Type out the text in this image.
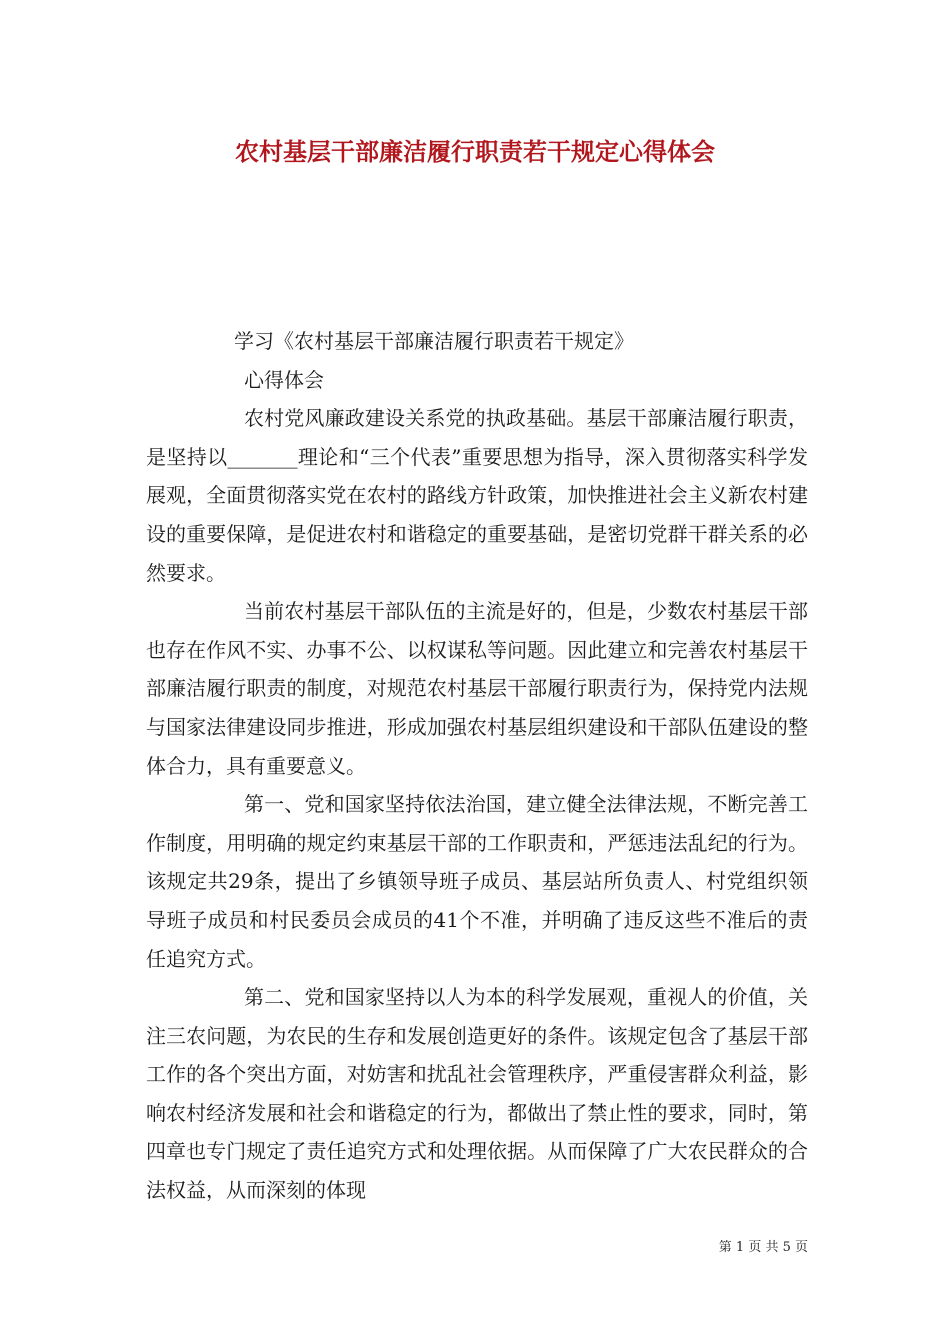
农村基层干部廉洁履行职责若干规定心得体会

学习《农村基层干部廉洁履行职责若干规定》

心得体会

农村党风廉政建设关系党的执政基础。基层干部廉洁履行职责，是坚持以_______理论和“三个代表”重要思想为指导，深入贯彻落实科学发展观，全面贯彻落实党在农村的路线方针政策，加快推进社会主义新农村建设的重要保障，是促进农村和谐稳定的重要基础，是密切党群干群关系的必然要求。

当前农村基层干部队伍的主流是好的，但是，少数农村基层干部也存在作风不实、办事不公、以权谋私等问题。因此建立和完善农村基层干部廉洁履行职责的制度，对规范农村基层干部履行职责行为，保持党内法规与国家法律建设同步推进，形成加强农村基层组织建设和干部队伍建设的整体合力，具有重要意义。

第一、党和国家坚持依法治国，建立健全法律法规，不断完善工作制度，用明确的规定约束基层干部的工作职责和，严惩违法乱纪的行为。该规定共29条，提出了乡镇领导班子成员、基层站所负责人、村党组织领导班子成员和村民委员会成员的41个不准，并明确了违反这些不准后的责任追究方式。

第二、党和国家坚持以人为本的科学发展观，重视人的价值，关注三农问题，为农民的生存和发展创造更好的条件。该规定包含了基层干部工作的各个突出方面，对妨害和扰乱社会管理秩序，严重侵害群众利益，影响农村经济发展和社会和谐稳定的行为，都做出了禁止性的要求，同时，第四章也专门规定了责任追究方式和处理依据。从而保障了广大农民群众的合法权益，从而深刻的体现

第 1 页 共 5 页
